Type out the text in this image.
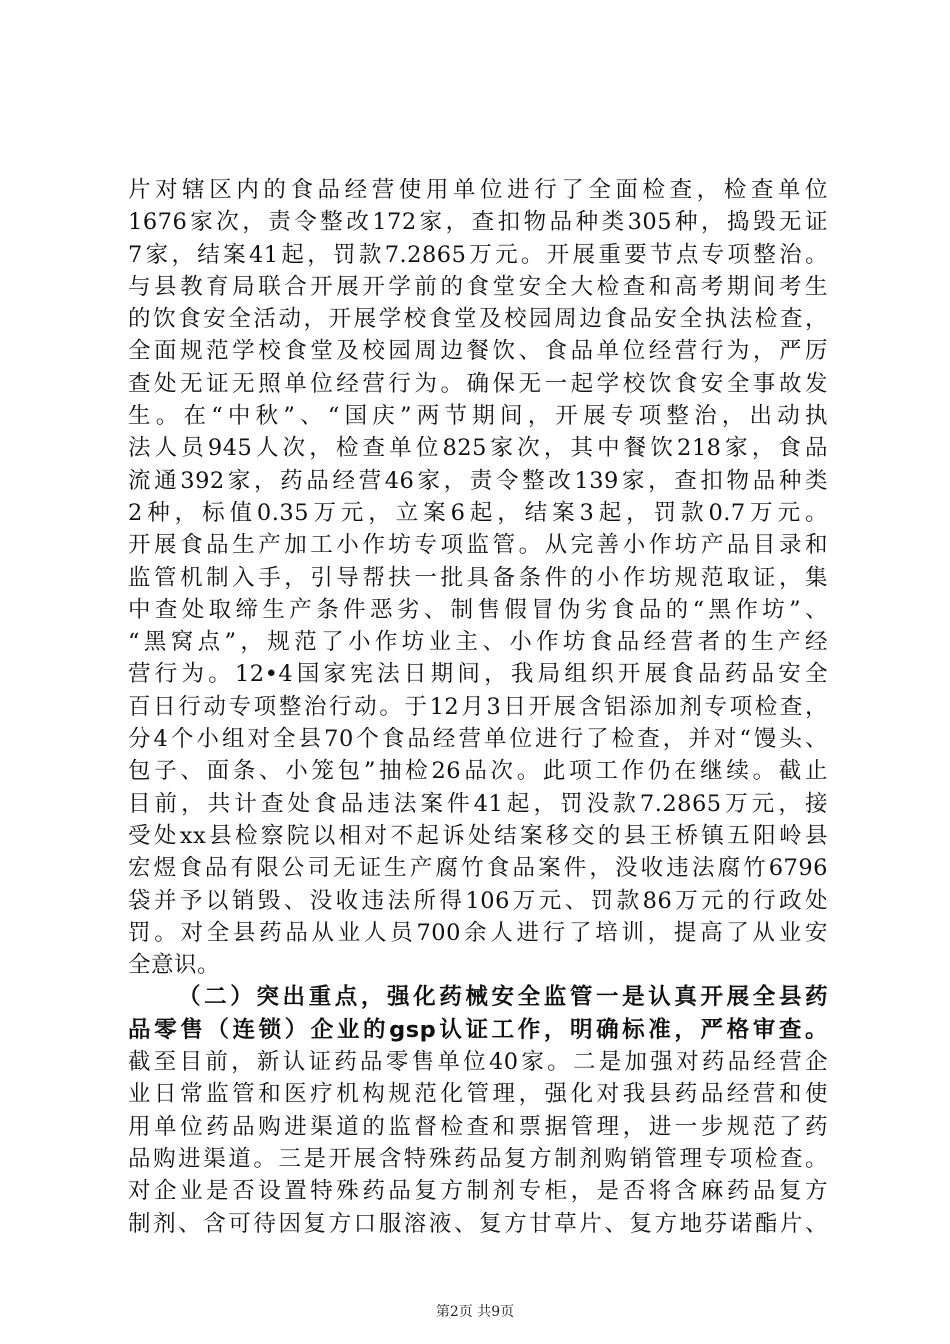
片对辖区内的食品经营使用单位进行了全面检查，检查单位
1676家次，责令整改172家，查扣物品种类305种，捣毁无证
7家，结案41起，罚款7.2865万元。开展重要节点专项整治。
与县教育局联合开展开学前的食堂安全大检查和高考期间考生
的饮食安全活动，开展学校食堂及校园周边食品安全执法检查，
全面规范学校食堂及校园周边餐饮、食品单位经营行为，严厉
查处无证无照单位经营行为。确保无一起学校饮食安全事故发
生。在“中秋”、“国庆”两节期间，开展专项整治，出动执
法人员945人次，检查单位825家次，其中餐饮218家，食品
流通392家，药品经营46家，责令整改139家，查扣物品种类
2种，标值0.35万元，立案6起，结案3起，罚款0.7万元。
开展食品生产加工小作坊专项监管。从完善小作坊产品目录和
监管机制入手，引导帮扶一批具备条件的小作坊规范取证，集
中查处取缔生产条件恶劣、制售假冒伪劣食品的“黑作坊”、
“黑窝点”，规范了小作坊业主、小作坊食品经营者的生产经
营行为。12•4国家宪法日期间，我局组织开展食品药品安全
百日行动专项整治行动。于12月3日开展含铝添加剂专项检查，
分4个小组对全县70个食品经营单位进行了检查，并对“馒头、
包子、面条、小笼包”抽检26品次。此项工作仍在继续。截止
目前，共计查处食品违法案件41起，罚没款7.2865万元，接
受处xx县检察院以相对不起诉处结案移交的县王桥镇五阳岭县
宏煜食品有限公司无证生产腐竹食品案件，没收违法腐竹6796
袋并予以销毁、没收违法所得106万元、罚款86万元的行政处
罚。对全县药品从业人员700余人进行了培训，提高了从业安
全意识。
（二）突出重点，强化药械安全监管一是认真开展全县药
品零售（连锁）企业的gsp认证工作，明确标准，严格审查。
截至目前，新认证药品零售单位40家。二是加强对药品经营企
业日常监管和医疗机构规范化管理，强化对我县药品经营和使
用单位药品购进渠道的监督检查和票据管理，进一步规范了药
品购进渠道。三是开展含特殊药品复方制剂购销管理专项检查。
对企业是否设置特殊药品复方制剂专柜，是否将含麻药品复方
制剂、含可待因复方口服溶液、复方甘草片、复方地芬诺酯片、
第2页 共9页
